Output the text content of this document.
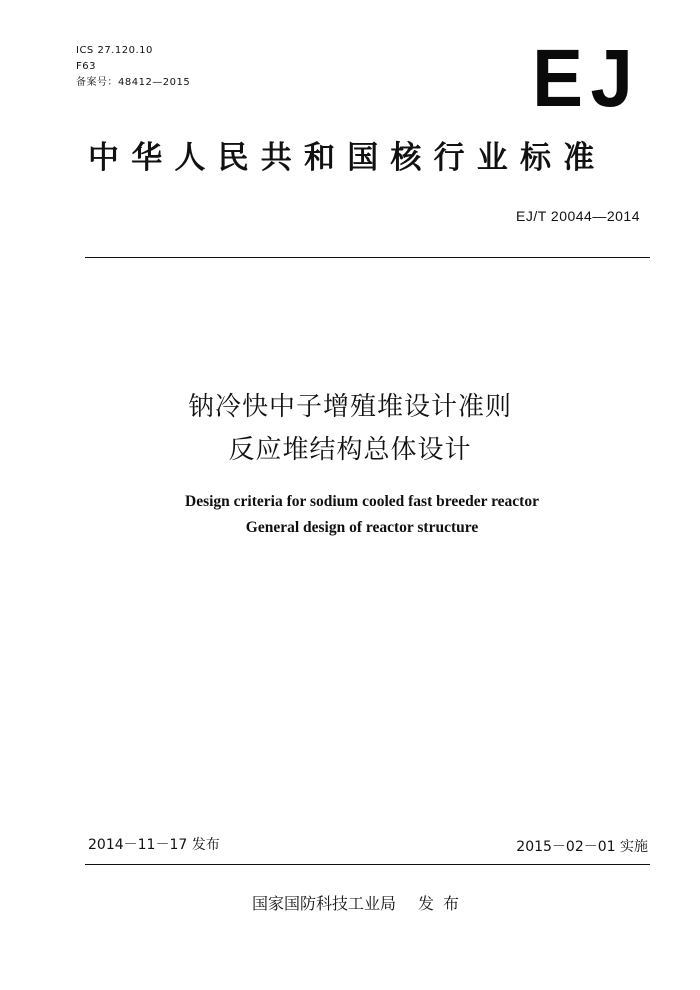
ICS 27.120.10
F63
备案号：48412—2015	EJ
中华人民共和国核行业标准
EJ/T 20044—2014
钠冷快中子增殖堆设计准则
反应堆结构总体设计
Design criteria for sodium cooled fast breeder reactor
General design of reactor structure
2014－11－17 发布	2015－02－01 实施
国家国防科技工业局 发布
